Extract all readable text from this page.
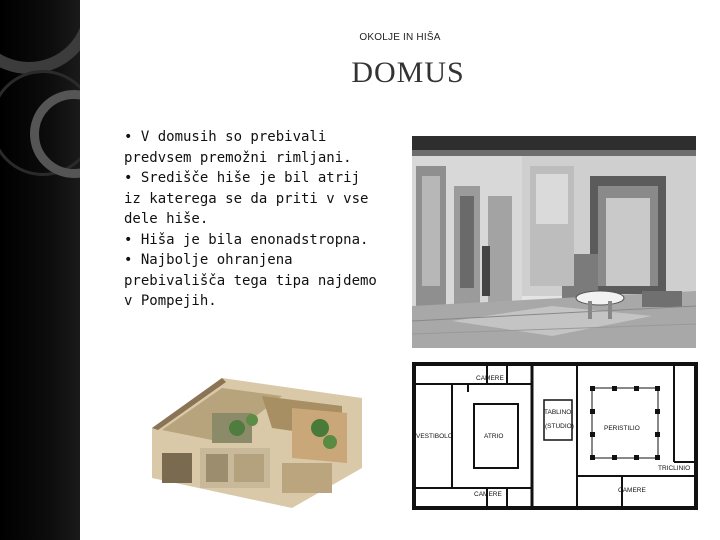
OKOLJE IN HIŠA
DOMUS

• V domusih so prebivali predvsem premožni rimljani.

• Središče hiše je bil atrij iz katerega se da priti v vse dele hiše.

• Hiša je bila enonadstropna.

• Najbolje ohranjena prebivališča tega tipa najdemo v Pompejih.

CAMERE
TABLINO
(STUDIO)
VESTIBOLO	ATRIO
PERISTILIO
TRICLINIO
CAMERE
CAMERE
